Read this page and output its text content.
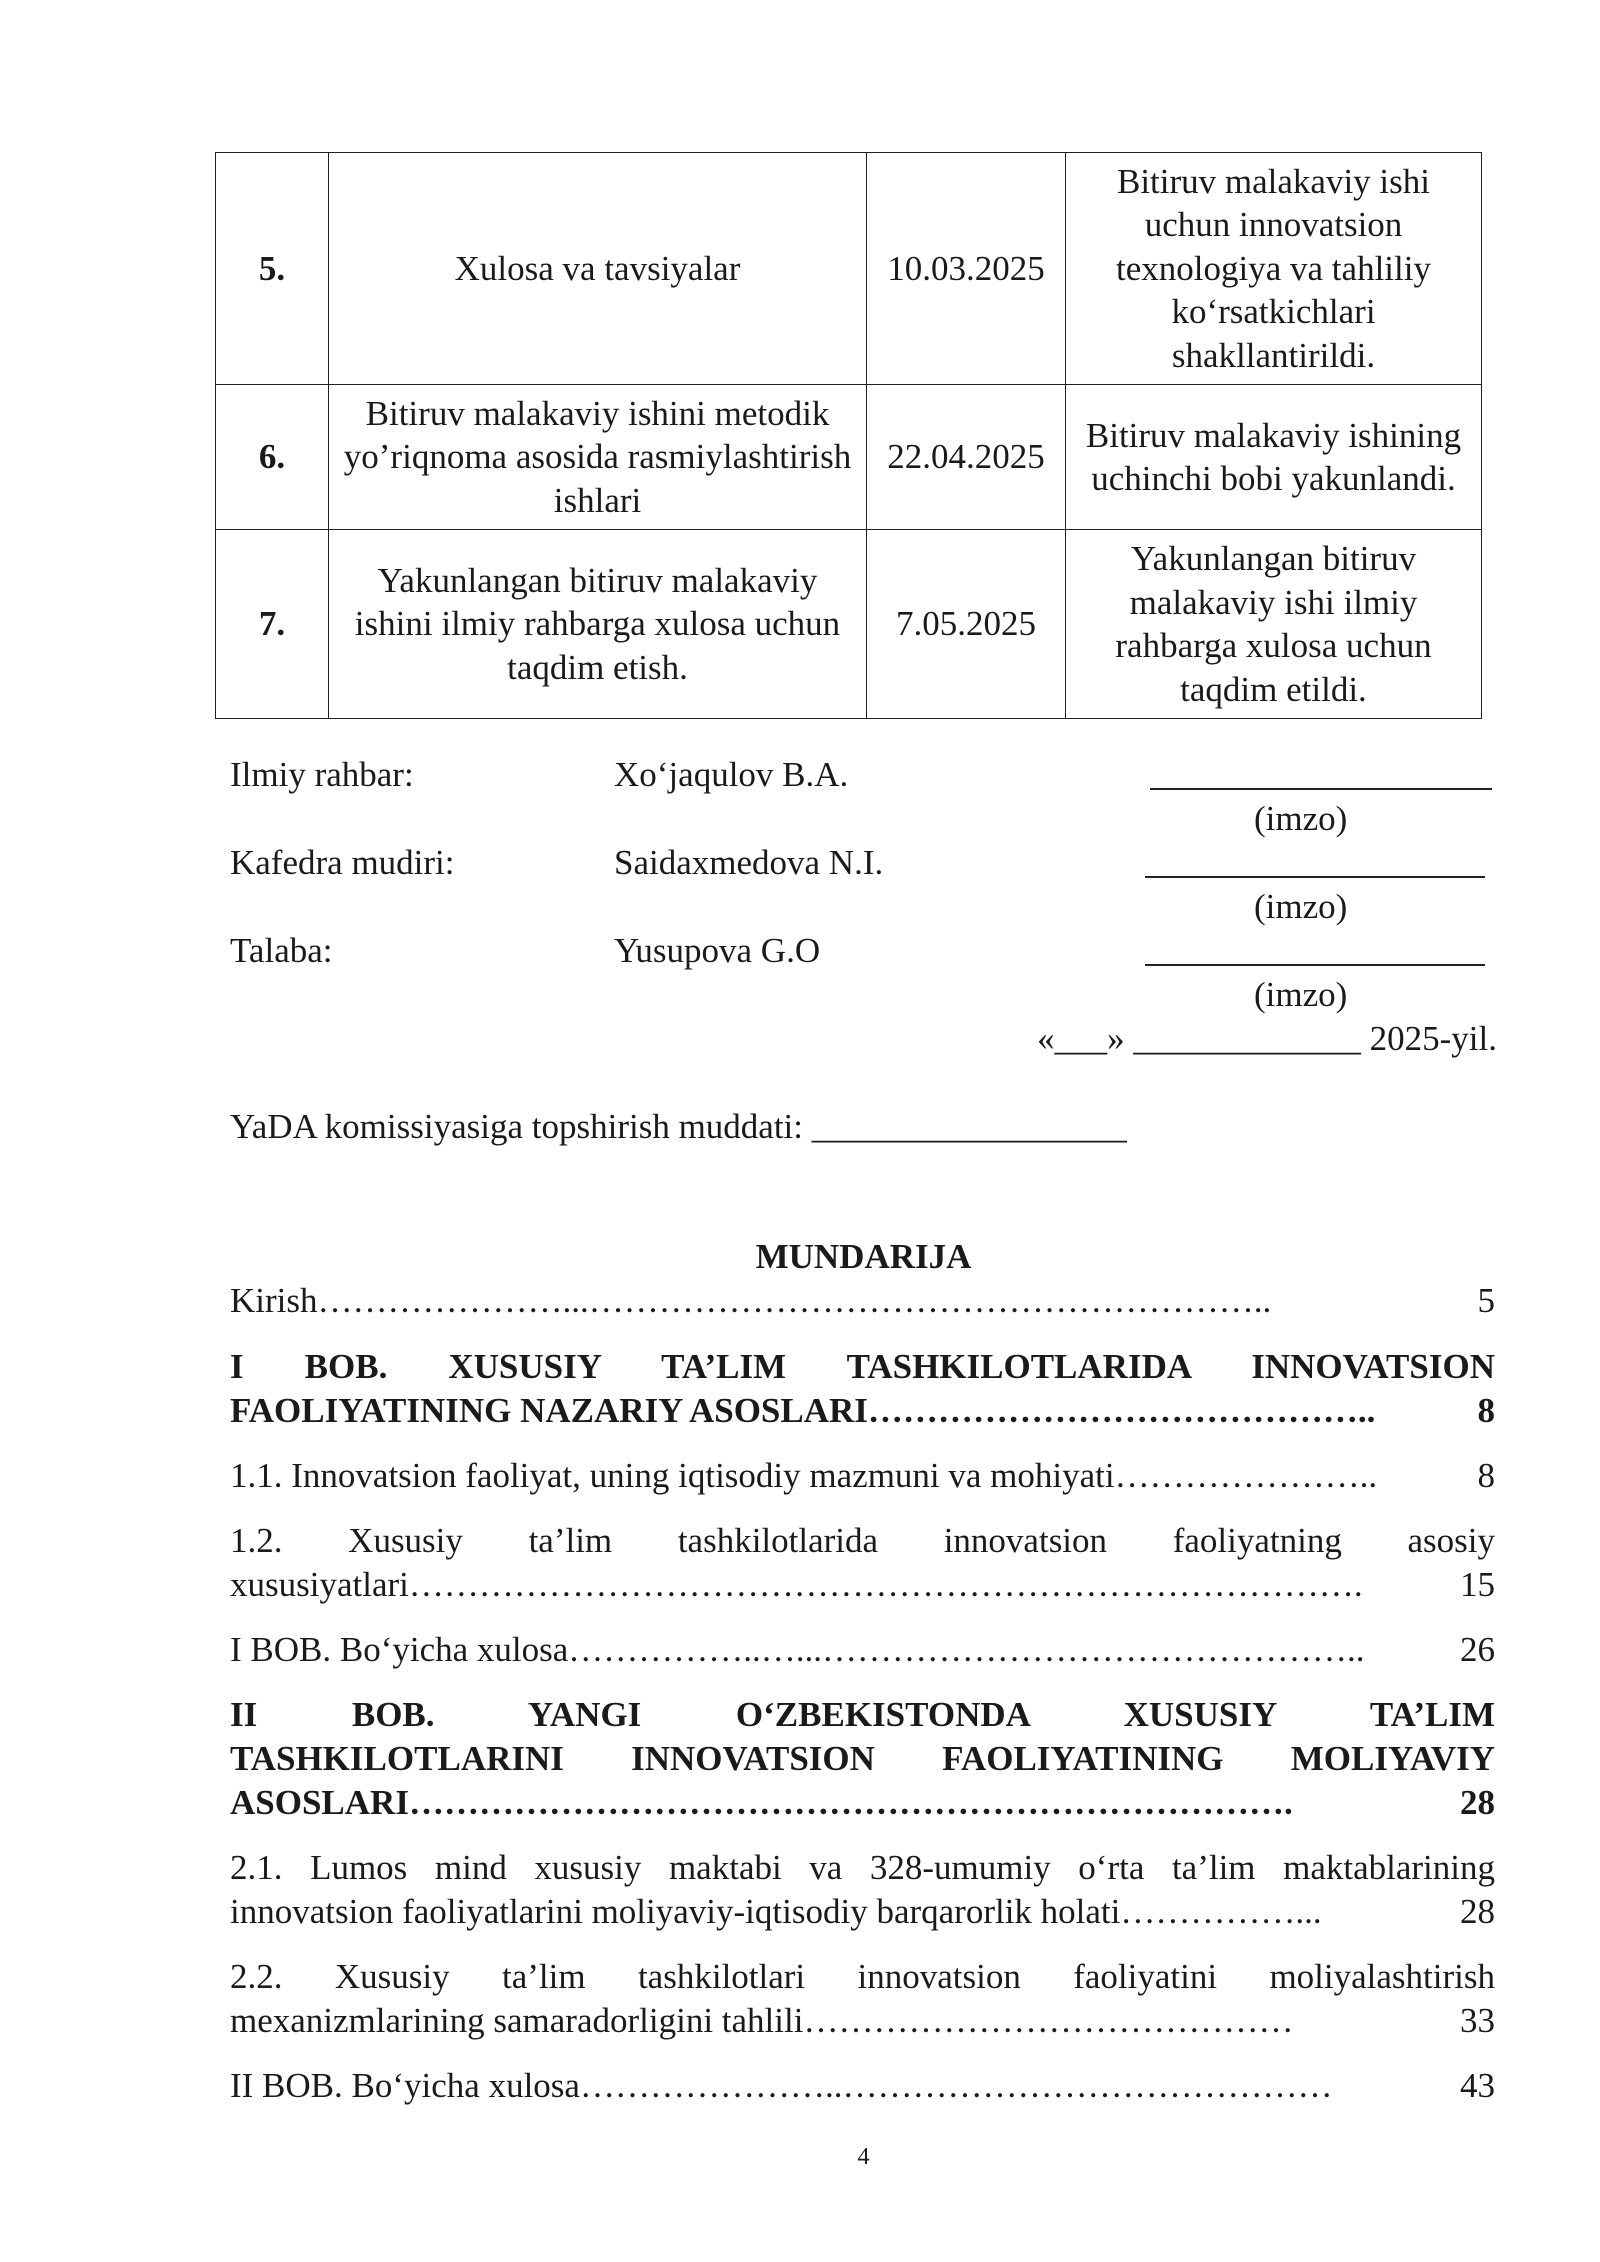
5.	Xulosa va tavsiyalar	10.03.2025	Bitiruv malakaviy ishi uchun innovatsion texnologiya va tahliliy ko‘rsatkichlari shakllantirildi.
6.	Bitiruv malakaviy ishini metodik yo’riqnoma asosida rasmiylashtirish ishlari	22.04.2025	Bitiruv malakaviy ishining uchinchi bobi yakunlandi.
7.	Yakunlangan bitiruv malakaviy ishini ilmiy rahbarga xulosa uchun taqdim etish.	7.05.2025	Yakunlangan bitiruv malakaviy ishi ilmiy rahbarga xulosa uchun taqdim etildi.
Ilmiy rahbar:	Xo‘jaqulov B.A.
(imzo)
Kafedra mudiri:	Saidaxmedova N.I.
(imzo)
Talaba:	Yusupova G.O
(imzo)
«___» _____________ 2025-yil.
YaDA komissiyasiga topshirish muddati: __________________
MUNDARIJA
Kirish…………………...…………………………………………………..	5
I BOB. XUSUSIY TA’LIM TASHKILOTLARIDA INNOVATSION
FAOLIYATINING NAZARIY ASOSLARI……………………………………..	8
1.1. Innovatsion faoliyat, uning iqtisodiy mazmuni va mohiyati…………………..	8
1.2. Xususiy ta’lim tashkilotlarida innovatsion faoliyatning asosiy
xususiyatlari……………………………………………………………………….	15
I BOB. Bo‘yicha xulosa……………..…...………………………………………..	26
II BOB. YANGI O‘ZBEKISTONDA XUSUSIY TA’LIM
TASHKILOTLARINI INNOVATSION FAOLIYATINING MOLIYAVIY
ASOSLARI………………………………………………………………….	28
2.1. Lumos mind xususiy maktabi va 328-umumiy o‘rta ta’lim maktablarining
innovatsion faoliyatlarini moliyaviy-iqtisodiy barqarorlik holati……………...	28
2.2. Xususiy ta’lim tashkilotlari innovatsion faoliyatini moliyalashtirish
mexanizmlarining samaradorligini tahlili……………………………………	33
II BOB. Bo‘yicha xulosa…………………..……………………………………	43
4
